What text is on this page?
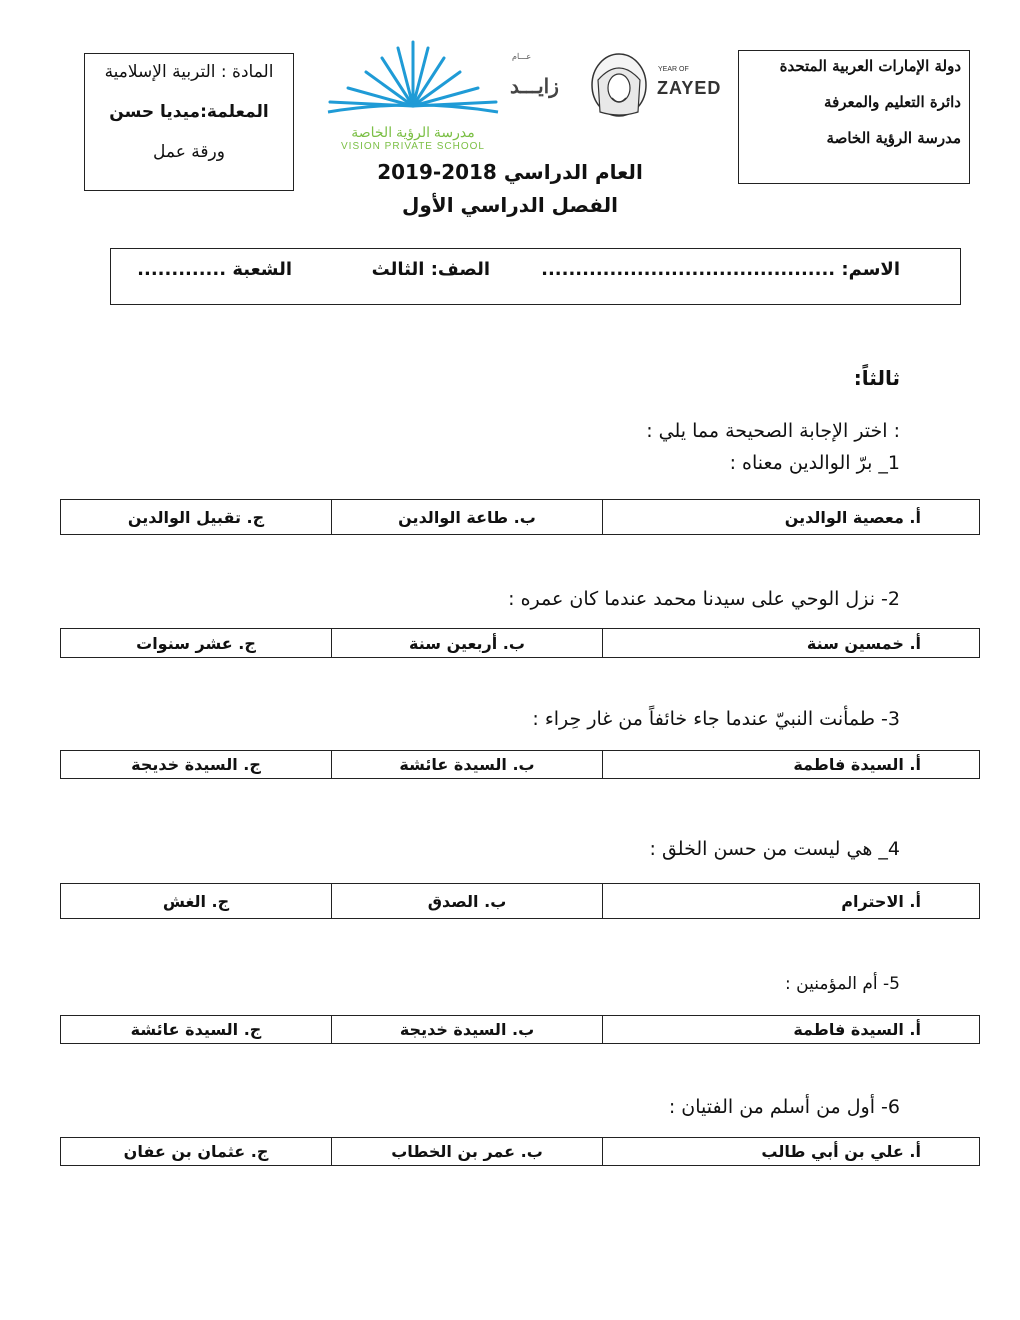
المادة : التربية الإسلامية
المعلمة:ميديا حسن
ورقة عمل
مدرسة الرؤية الخاصة
VISION PRIVATE SCHOOL
عـــام
زايـــد
YEAR OF
ZAYED
دولة الإمارات العربية المتحدة
دائرة التعليم والمعرفة
مدرسة الرؤية الخاصة
العام الدراسي 2018-2019
الفصل الدراسي الأول
الاسم: ...........................................
الصف: الثالث
الشعبة .............
ثالثاً:
: اختر الإجابة الصحيحة مما يلي :
1_ برّ الوالدين معناه :
أ. معصية الوالدين	ب. طاعة الوالدين	ج. تقبيل الوالدين
2- نزل الوحي على سيدنا محمد عندما كان عمره :
أ. خمسين سنة	ب. أربعين سنة	ج. عشر سنوات
3- طمأنت النبيّ عندما جاء خائفاً من غار حِراء :
أ. السيدة فاطمة	ب. السيدة عائشة	ج. السيدة خديجة
4_ هي ليست من حسن الخلق :
أ. الاحترام	ب. الصدق	ج. الغش
5- أم المؤمنين :
أ. السيدة فاطمة	ب. السيدة خديجة	ج. السيدة عائشة
6- أول من أسلم من الفتيان :
أ. علي بن أبي طالب	ب. عمر بن الخطاب	ج. عثمان بن عفان
